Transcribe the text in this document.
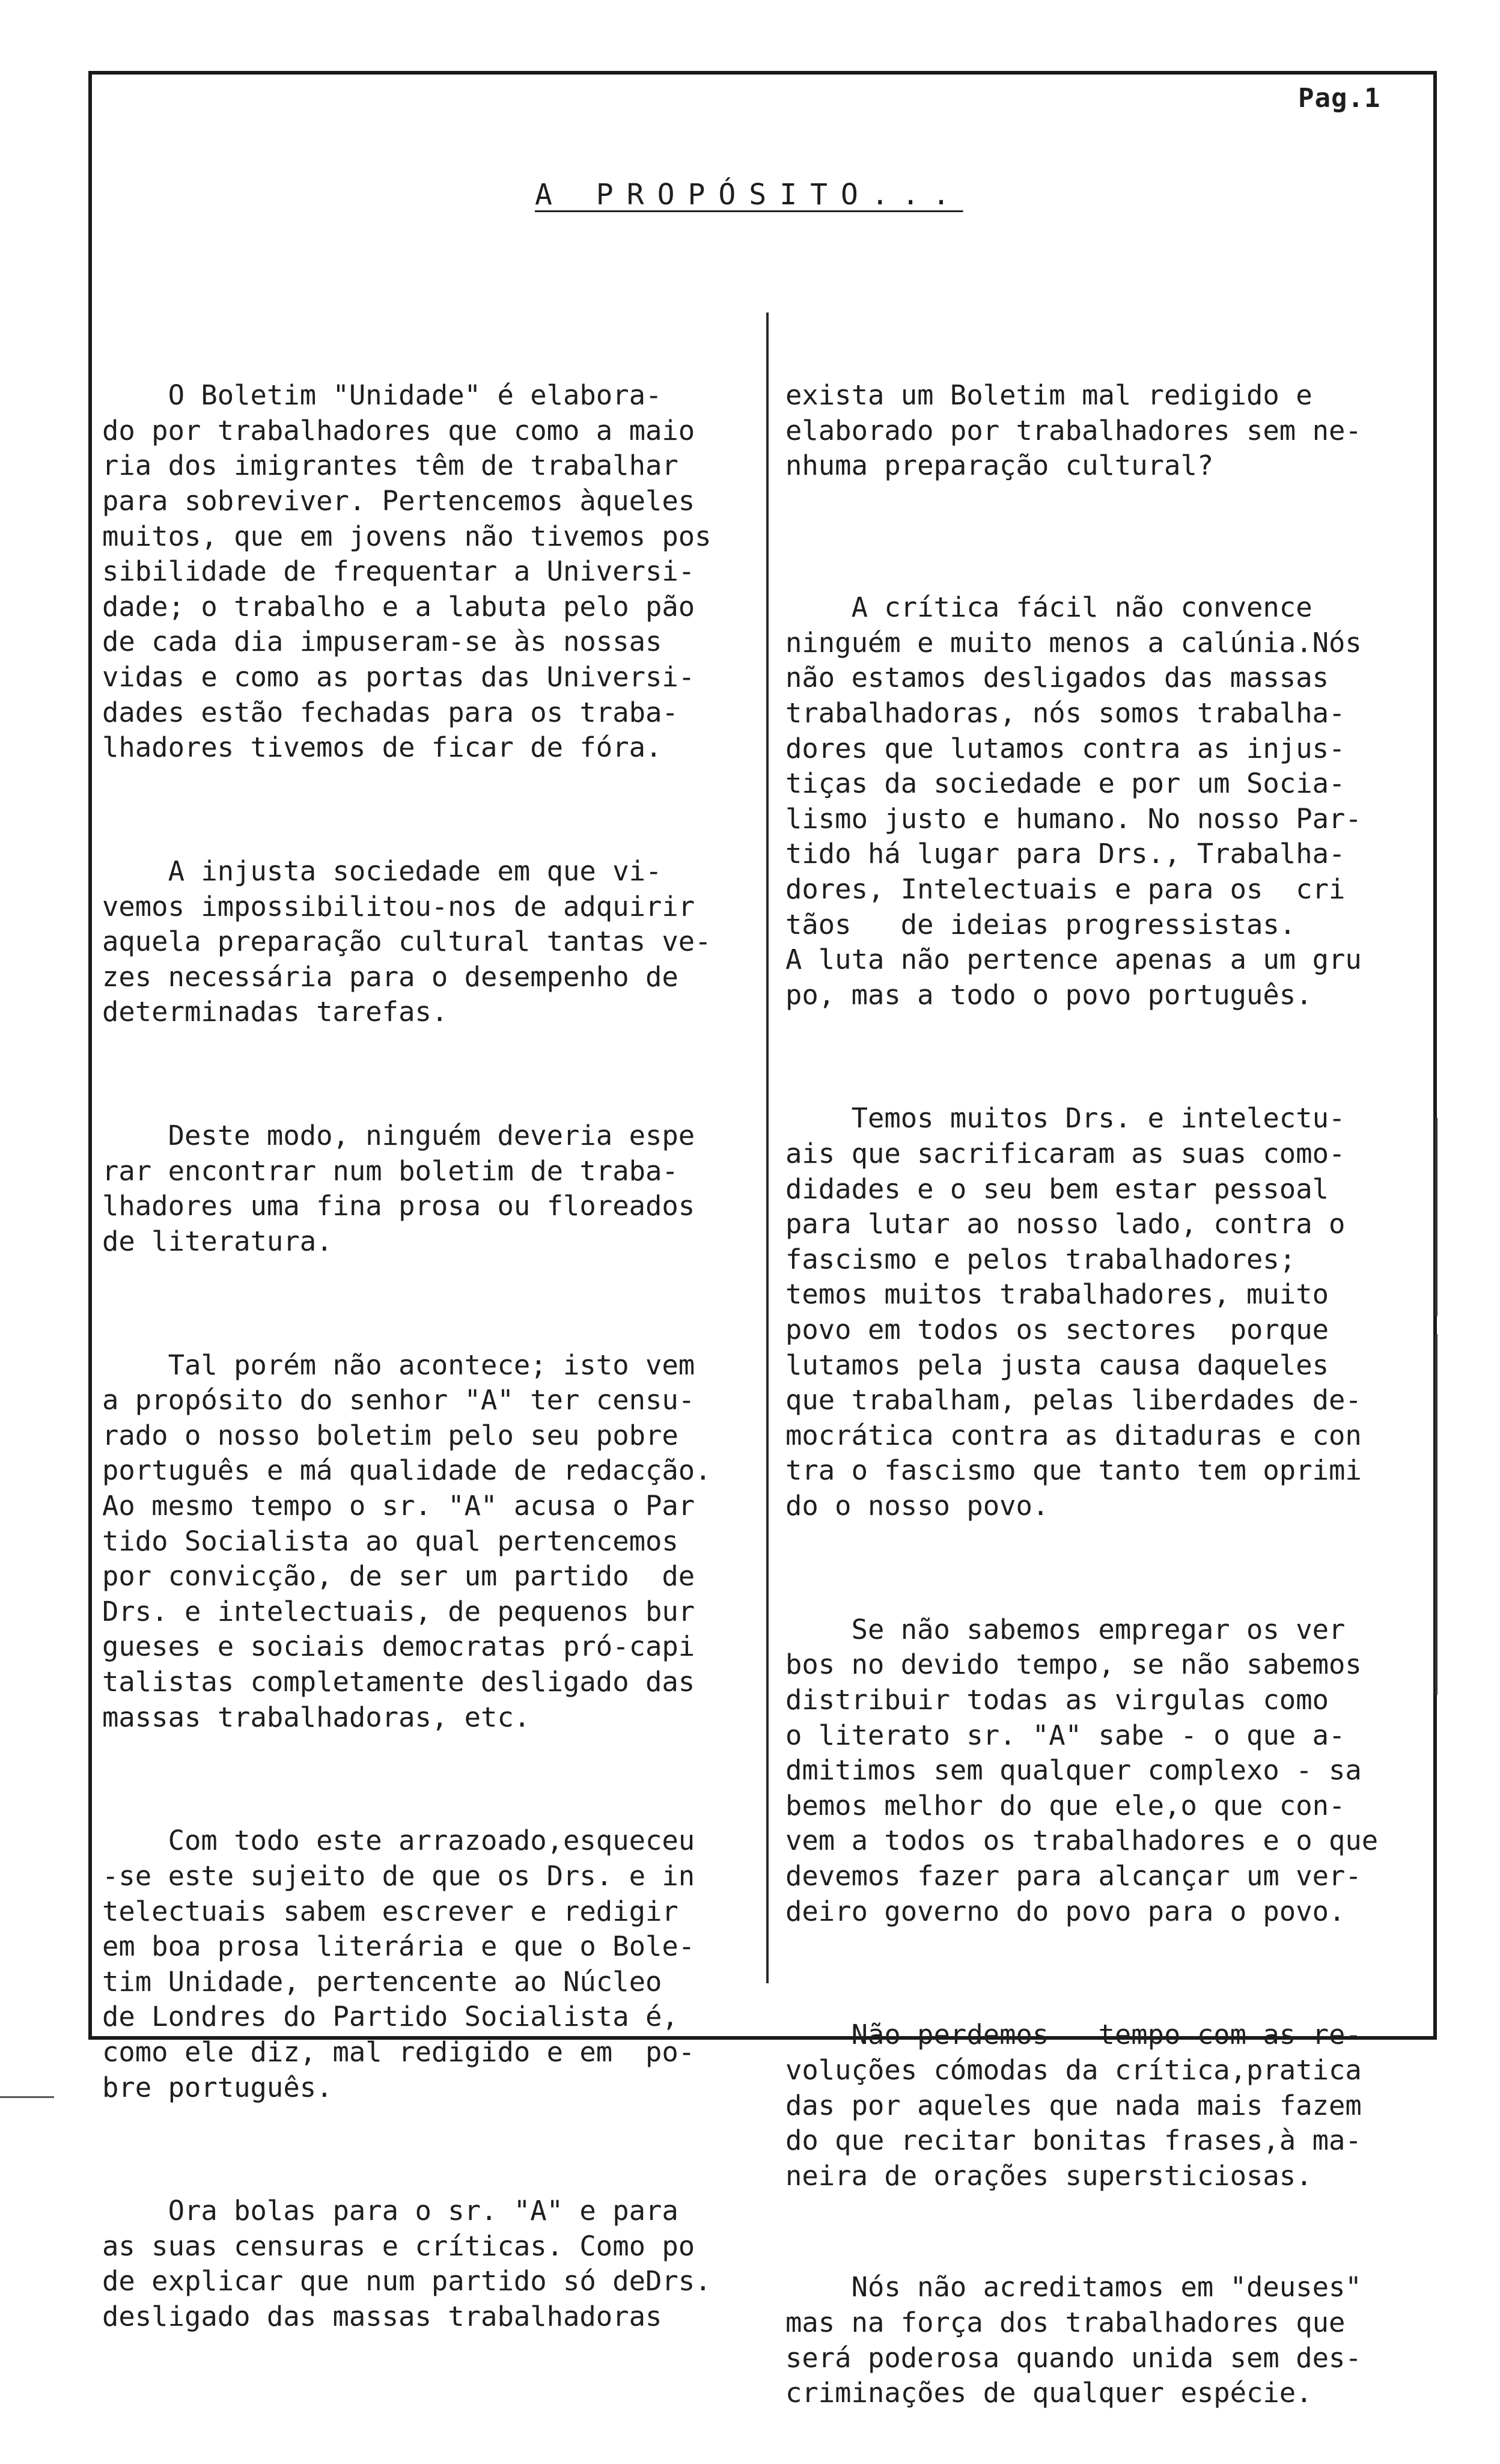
Pag.1
A PROPÓSITO...

O Boletim "Unidade" é elabora-
do por trabalhadores que como a maio
ria dos imigrantes têm de trabalhar
para sobreviver. Pertencemos àqueles
muitos, que em jovens não tivemos pos
sibilidade de frequentar a Universi-
dade; o trabalho e a labuta pelo pão
de cada dia impuseram-se às nossas
vidas e como as portas das Universi-
dades estão fechadas para os traba-
lhadores tivemos de ficar de fóra.

A injusta sociedade em que vi-
vemos impossibilitou-nos de adquirir
aquela preparação cultural tantas ve-
zes necessária para o desempenho de
determinadas tarefas.

Deste modo, ninguém deveria espe
rar encontrar num boletim de traba-
lhadores uma fina prosa ou floreados
de literatura.

Tal porém não acontece; isto vem
a propósito do senhor "A" ter censu-
rado o nosso boletim pelo seu pobre
português e má qualidade de redacção.
Ao mesmo tempo o sr. "A" acusa o Par
tido Socialista ao qual pertencemos
por convicção, de ser um partido  de
Drs. e intelectuais, de pequenos bur
gueses e sociais democratas pró-capi
talistas completamente desligado das
massas trabalhadoras, etc.

Com todo este arrazoado,esqueceu
-se este sujeito de que os Drs. e in
telectuais sabem escrever e redigir
em boa prosa literária e que o Bole-
tim Unidade, pertencente ao Núcleo
de Londres do Partido Socialista é,
como ele diz, mal redigido e em  po-
bre português.

Ora bolas para o sr. "A" e para
as suas censuras e críticas. Como po
de explicar que num partido só deDrs.
desligado das massas trabalhadoras

exista um Boletim mal redigido e
elaborado por trabalhadores sem ne-
nhuma preparação cultural?

A crítica fácil não convence
ninguém e muito menos a calúnia.Nós
não estamos desligados das massas
trabalhadoras, nós somos trabalha-
dores que lutamos contra as injus-
tiças da sociedade e por um Socia-
lismo justo e humano. No nosso Par-
tido há lugar para Drs., Trabalha-
dores, Intelectuais e para os  cri
tãos   de ideias progressistas.
A luta não pertence apenas a um gru
po, mas a todo o povo português.

Temos muitos Drs. e intelectu-
ais que sacrificaram as suas como-
didades e o seu bem estar pessoal
para lutar ao nosso lado, contra o
fascismo e pelos trabalhadores;
temos muitos trabalhadores, muito
povo em todos os sectores  porque
lutamos pela justa causa daqueles
que trabalham, pelas liberdades de-
mocrática contra as ditaduras e con
tra o fascismo que tanto tem oprimi
do o nosso povo.

Se não sabemos empregar os ver
bos no devido tempo, se não sabemos
distribuir todas as virgulas como
o literato sr. "A" sabe - o que a-
dmitimos sem qualquer complexo - sa
bemos melhor do que ele,o que con-
vem a todos os trabalhadores e o que
devemos fazer para alcançar um ver-
deiro governo do povo para o povo.

Não perdemos   tempo com as re-
voluções cómodas da crítica,pratica
das por aqueles que nada mais fazem
do que recitar bonitas frases,à ma-
neira de orações supersticiosas.

Nós não acreditamos em "deuses"
mas na força dos trabalhadores que
será poderosa quando unida sem des-
criminações de qualquer espécie.
